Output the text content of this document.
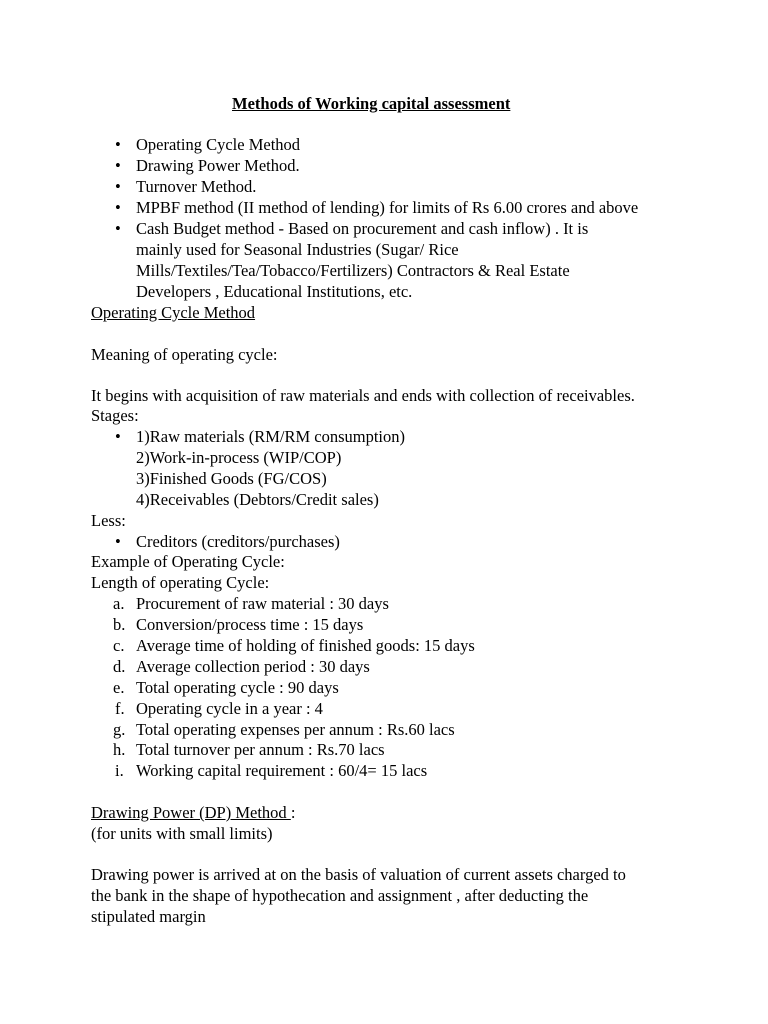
Methods of Working capital assessment
• Operating Cycle Method
• Drawing Power Method.
• Turnover Method.
• MPBF method (II method of lending) for limits of Rs 6.00 crores and above
• Cash Budget method - Based on procurement and cash inflow) . It is
mainly used for Seasonal Industries (Sugar/ Rice
Mills/Textiles/Tea/Tobacco/Fertilizers) Contractors & Real Estate
Developers , Educational Institutions, etc.
Operating Cycle Method
Meaning of operating cycle:
It begins with acquisition of raw materials and ends with collection of receivables.
Stages:
• 1)Raw materials (RM/RM consumption)
2)Work-in-process (WIP/COP)
3)Finished Goods (FG/COS)
4)Receivables (Debtors/Credit sales)
Less:
• Creditors (creditors/purchases)
Example of Operating Cycle:
Length of operating Cycle:
a. Procurement of raw material : 30 days
b. Conversion/process time : 15 days
c. Average time of holding of finished goods: 15 days
d. Average collection period : 30 days
e. Total operating cycle : 90 days
f. Operating cycle in a year : 4
g. Total operating expenses per annum : Rs.60 lacs
h. Total turnover per annum : Rs.70 lacs
i. Working capital requirement : 60/4= 15 lacs
Drawing Power (DP) Method :
(for units with small limits)
Drawing power is arrived at on the basis of valuation of current assets charged to
the bank in the shape of hypothecation and assignment , after deducting the
stipulated margin
